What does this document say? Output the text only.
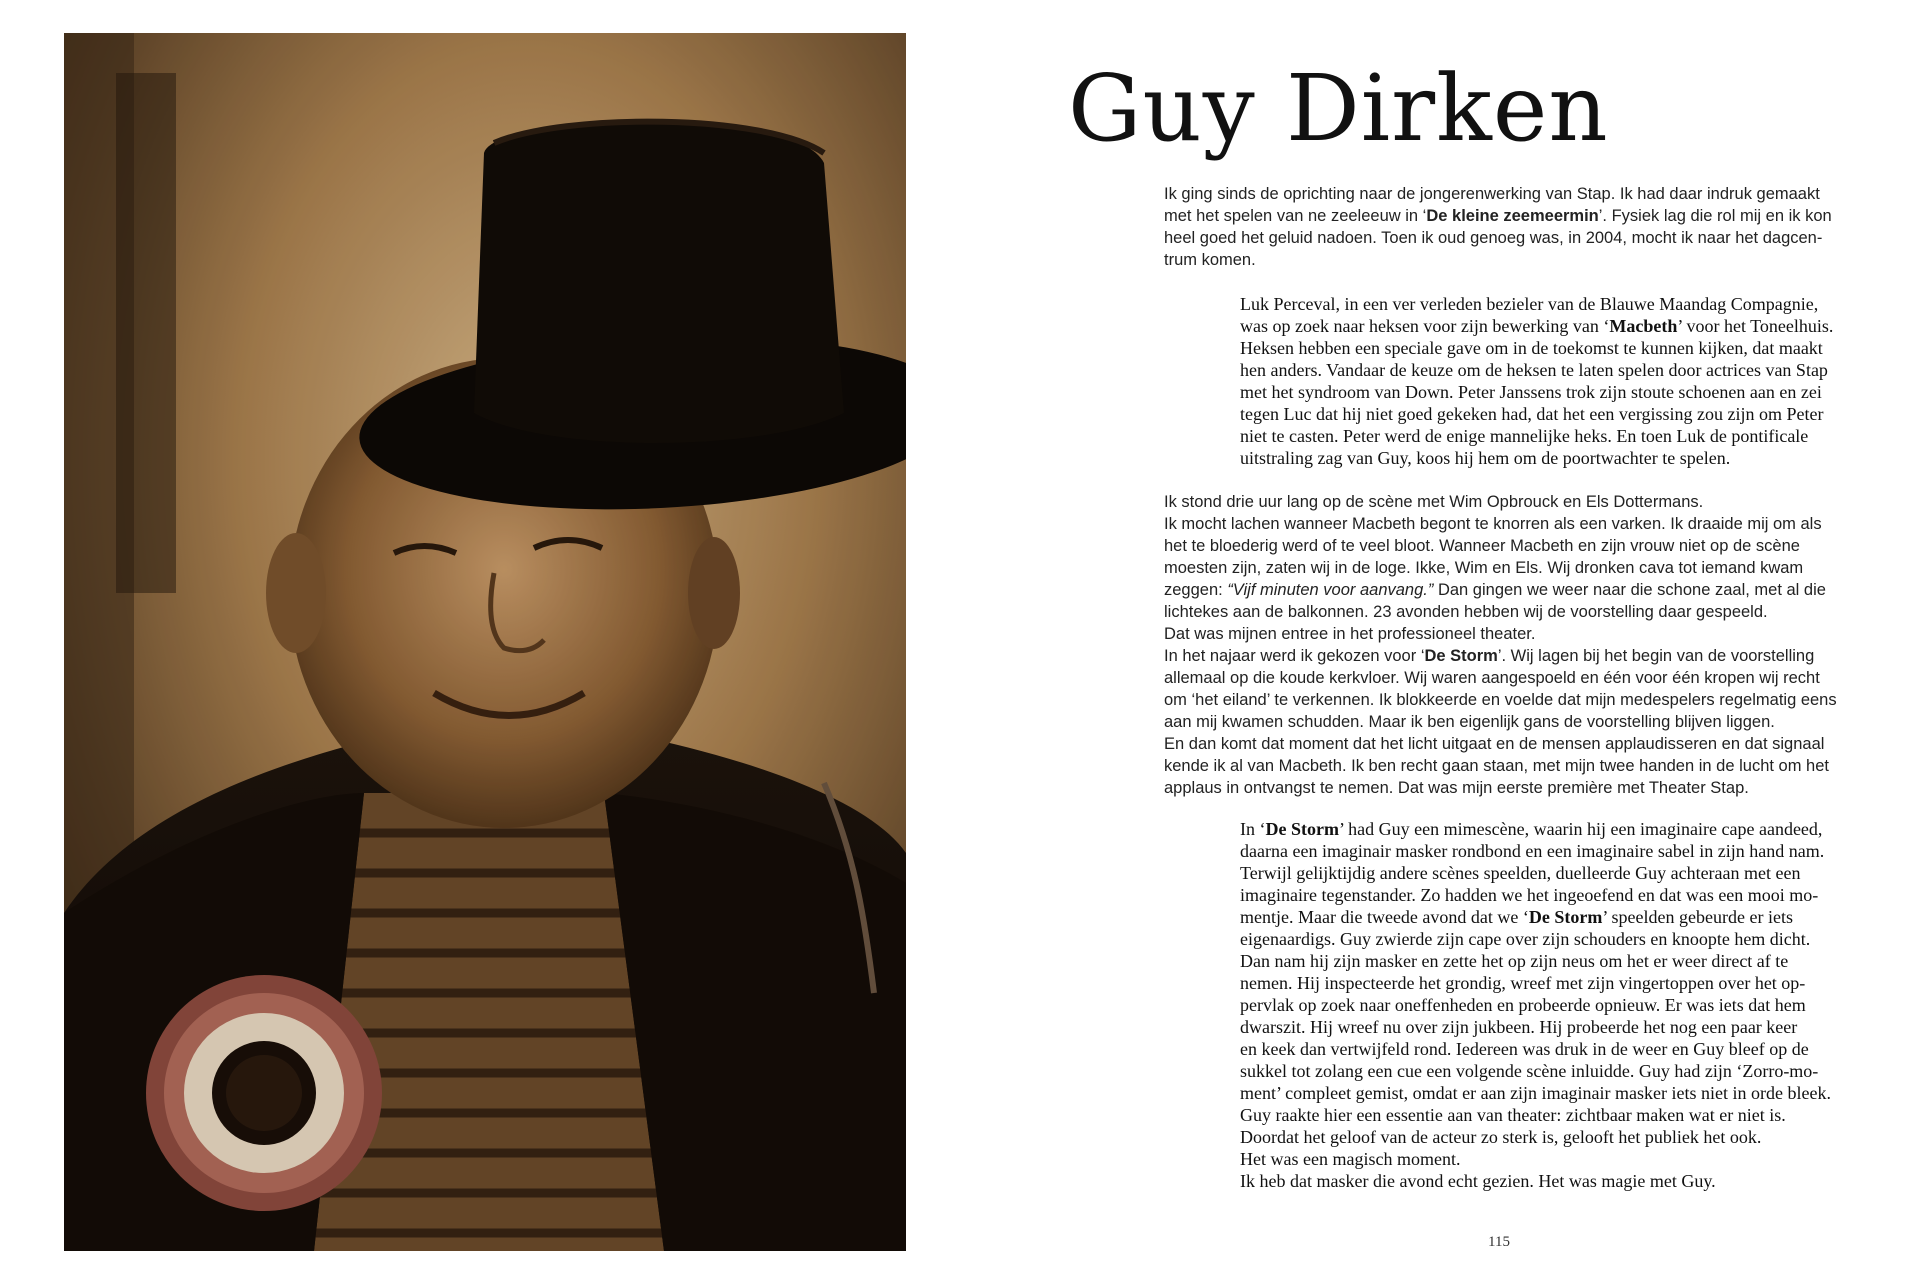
Guy Dirken
Ik ging sinds de oprichting naar de jongerenwerking van Stap. Ik had daar indruk gemaakt
met het spelen van ne zeeleeuw in ‘De kleine zeemeermin’. Fysiek lag die rol mij en ik kon
heel goed het geluid nadoen. Toen ik oud genoeg was, in 2004, mocht ik naar het dagcen-
trum komen.
Luk Perceval, in een ver verleden bezieler van de Blauwe Maandag Compagnie,
was op zoek naar heksen voor zijn bewerking van ‘Macbeth’ voor het Toneelhuis.
Heksen hebben een speciale gave om in de toekomst te kunnen kijken, dat maakt
hen anders. Vandaar de keuze om de heksen te laten spelen door actrices van Stap
met het syndroom van Down. Peter Janssens trok zijn stoute schoenen aan en zei
tegen Luc dat hij niet goed gekeken had, dat het een vergissing zou zijn om Peter
niet te casten. Peter werd de enige mannelijke heks. En toen Luk de pontificale
uitstraling zag van Guy, koos hij hem om de poortwachter te spelen.
Ik stond drie uur lang op de scène met Wim Opbrouck en Els Dottermans.
Ik mocht lachen wanneer Macbeth begont te knorren als een varken. Ik draaide mij om als
het te bloederig werd of te veel bloot. Wanneer Macbeth en zijn vrouw niet op de scène
moesten zijn, zaten wij in de loge. Ikke, Wim en Els. Wij dronken cava tot iemand kwam
zeggen: “Vijf minuten voor aanvang.” Dan gingen we weer naar die schone zaal, met al die
lichtekes aan de balkonnen. 23 avonden hebben wij de voorstelling daar gespeeld.
Dat was mijnen entree in het professioneel theater.
In het najaar werd ik gekozen voor ‘De Storm’. Wij lagen bij het begin van de voorstelling
allemaal op die koude kerkvloer. Wij waren aangespoeld en één voor één kropen wij recht
om ‘het eiland’ te verkennen. Ik blokkeerde en voelde dat mijn medespelers regelmatig eens
aan mij kwamen schudden. Maar ik ben eigenlijk gans de voorstelling blijven liggen.
En dan komt dat moment dat het licht uitgaat en de mensen applaudisseren en dat signaal
kende ik al van Macbeth. Ik ben recht gaan staan, met mijn twee handen in de lucht om het
applaus in ontvangst te nemen. Dat was mijn eerste première met Theater Stap.
In ‘De Storm’ had Guy een mimescène, waarin hij een imaginaire cape aandeed,
daarna een imaginair masker rondbond en een imaginaire sabel in zijn hand nam.
Terwijl gelijktijdig andere scènes speelden, duelleerde Guy achteraan met een
imaginaire tegenstander. Zo hadden we het ingeoefend en dat was een mooi mo-
mentje. Maar die tweede avond dat we ‘De Storm’ speelden gebeurde er iets
eigenaardigs. Guy zwierde zijn cape over zijn schouders en knoopte hem dicht.
Dan nam hij zijn masker en zette het op zijn neus om het er weer direct af te
nemen. Hij inspecteerde het grondig, wreef met zijn vingertoppen over het op-
pervlak op zoek naar oneffenheden en probeerde opnieuw. Er was iets dat hem
dwarszit. Hij wreef nu over zijn jukbeen. Hij probeerde het nog een paar keer
en keek dan vertwijfeld rond. Iedereen was druk in de weer en Guy bleef op de
sukkel tot zolang een cue een volgende scène inluidde. Guy had zijn ‘Zorro-mo-
ment’ compleet gemist, omdat er aan zijn imaginair masker iets niet in orde bleek.
Guy raakte hier een essentie aan van theater: zichtbaar maken wat er niet is.
Doordat het geloof van de acteur zo sterk is, gelooft het publiek het ook.
Het was een magisch moment.
Ik heb dat masker die avond echt gezien. Het was magie met Guy.
115
